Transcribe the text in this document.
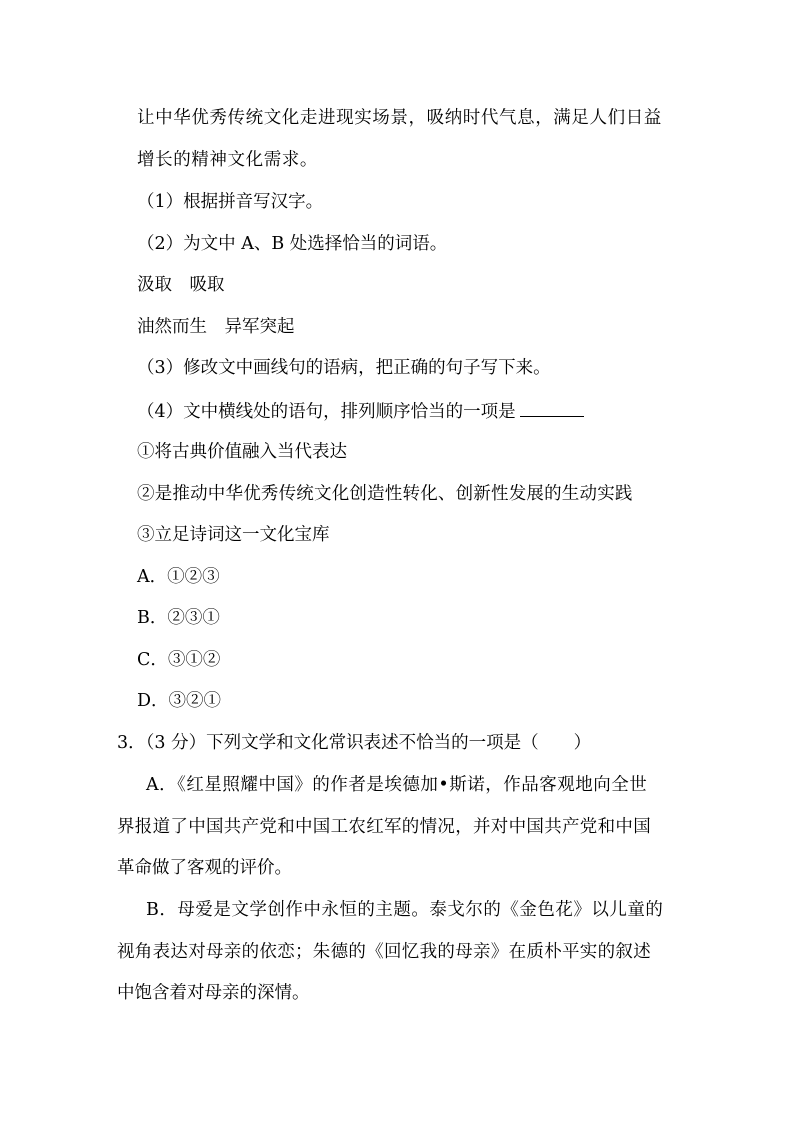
让中华优秀传统文化走进现实场景，吸纳时代气息，满足人们日益
增长的精神文化需求。
（1）根据拼音写汉字。
（2）为文中 A、B 处选择恰当的词语。
汲取　吸取
油然而生　异军突起
（3）修改文中画线句的语病，把正确的句子写下来。
（4）文中横线处的语句，排列顺序恰当的一项是
①将古典价值融入当代表达
②是推动中华优秀传统文化创造性转化、创新性发展的生动实践
③立足诗词这一文化宝库
A．①②③
B．②③①
C．③①②
D．③②①
3．（3 分）下列文学和文化常识表述不恰当的一项是（　　）
A．《红星照耀中国》的作者是埃德加•斯诺，作品客观地向全世
界报道了中国共产党和中国工农红军的情况，并对中国共产党和中国
革命做了客观的评价。
B．母爱是文学创作中永恒的主题。泰戈尔的《金色花》以儿童的
视角表达对母亲的依恋；朱德的《回忆我的母亲》在质朴平实的叙述
中饱含着对母亲的深情。
